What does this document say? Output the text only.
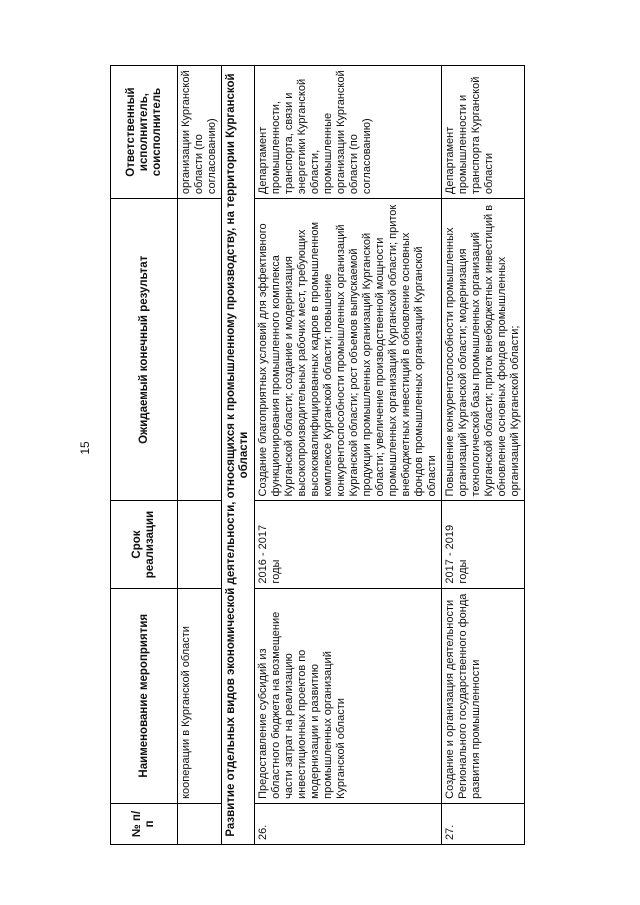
15
№ п/п	Наименование мероприятия	Срок реализации	Ожидаемый конечный результат	Ответственный исполнитель, соисполнитель
	кооперации в Курганской области			организации Курганской области (по согласованию)
Развитие отдельных видов экономической деятельности, относящихся к промышленному производству, на территории Курганской области				
26.	Предоставление субсидий из областного бюджета на возмещение части затрат на реализацию инвестиционных проектов по модернизации и развитию промышленных организаций Курганской области	2016 - 2017 годы	Создание благоприятных условий для эффективного функционирования промышленного комплекса Курганской области; создание и модернизация высокопроизводительных рабочих мест, требующих высококвалифицированных кадров в промышленном комплексе Курганской области; повышение конкурентоспособности промышленных организаций Курганской области; рост объемов выпускаемой продукции промышленных организаций Курганской области; увеличение производственной мощности промышленных организаций Курганской области; приток внебюджетных инвестиций в обновление основных фондов промышленных организаций Курганской области	Департамент промышленности, транспорта, связи и энергетики Курганской области, промышленные организации Курганской области (по согласованию)
27.	Создание и организация деятельности Регионального государственного фонда развития промышленности	2017 - 2019 годы	Повышение конкурентоспособности промышленных организаций Курганской области; модернизация технологической базы промышленных организаций Курганской области; приток внебюджетных инвестиций в обновление основных фондов промышленных организаций Курганской области;	Департамент промышленности и транспорта Курганской области
